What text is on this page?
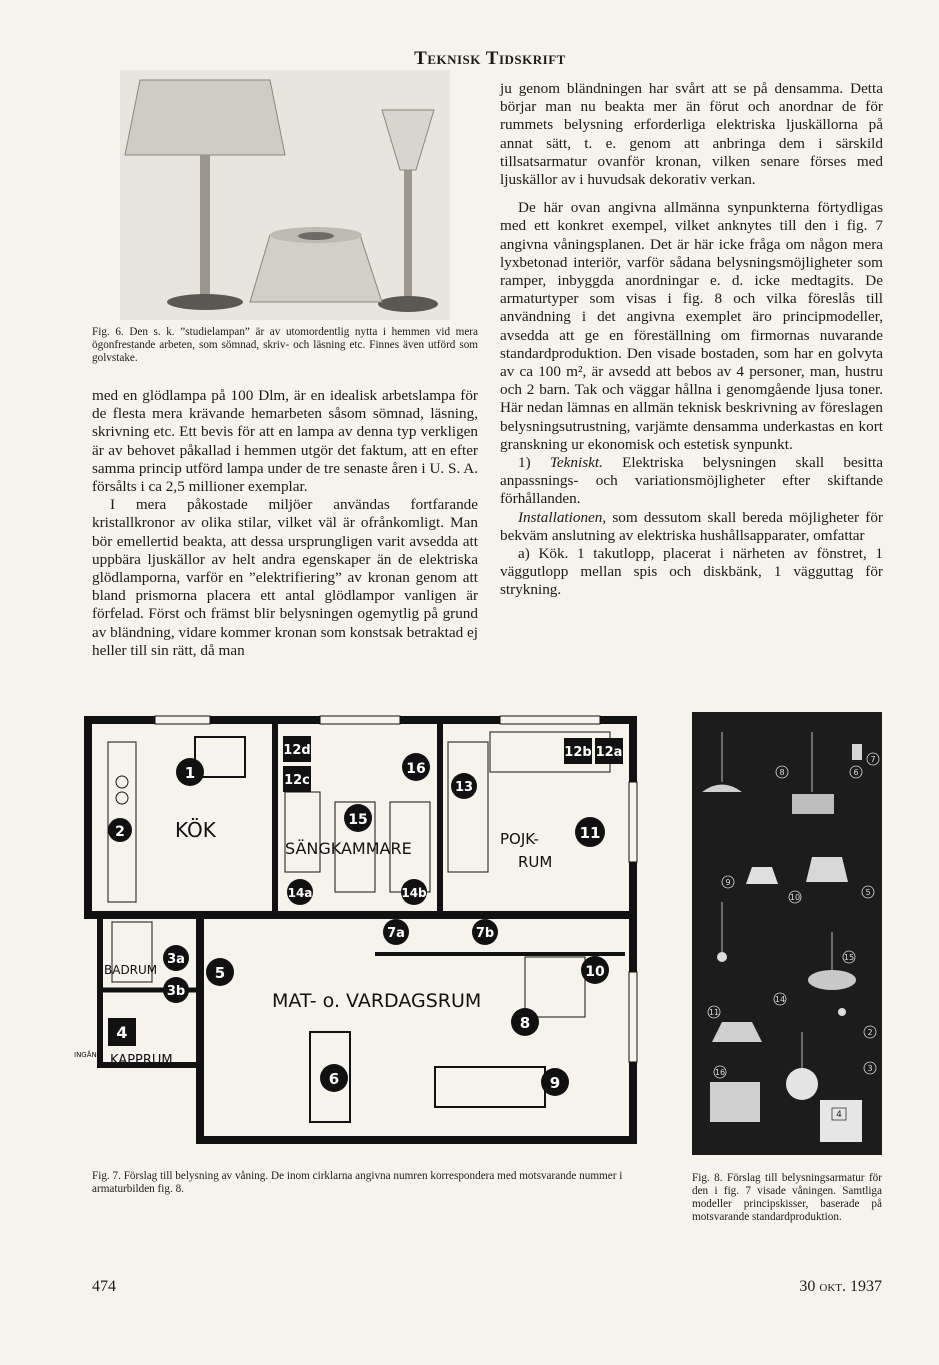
Teknisk Tidskrift
Fig. 6. Den s. k. ”studielampan” är av utomordentlig nytta i hemmen vid mera ögonfrestande arbeten, som sömnad, skriv- och läsning etc. Finnes även utförd som golvstake.

med en glödlampa på 100 Dlm, är en idealisk arbetslampa för de flesta mera krävande hemarbeten såsom sömnad, läsning, skrivning etc. Ett bevis för att en lampa av denna typ verkligen är av behovet påkallad i hemmen utgör det faktum, att en efter samma princip utförd lampa under de tre senaste åren i U. S. A. försålts i ca 2,5 millioner exemplar.

I mera påkostade miljöer användas fortfarande kristallkronor av olika stilar, vilket väl är ofrånkomligt. Man bör emellertid beakta, att dessa ursprungligen varit avsedda att uppbära ljuskällor av helt andra egenskaper än de elektriska glödlamporna, varför en ”elektrifiering” av kronan genom att bland prismorna placera ett antal glödlampor vanligen är förfelad. Först och främst blir belysningen ogemytlig på grund av bländning, vidare kommer kronan som konstsak betraktad ej heller till sin rätt, då man

ju genom bländningen har svårt att se på densamma. Detta börjar man nu beakta mer än förut och anordnar de för rummets belysning erforderliga elektriska ljuskällorna på annat sätt, t. e. genom att anbringa dem i särskild tillsatsarmatur ovanför kronan, vilken senare förses med ljuskällor av i huvudsak dekorativ verkan.

De här ovan angivna allmänna synpunkterna förtydligas med ett konkret exempel, vilket anknytes till den i fig. 7 angivna våningsplanen. Det är här icke fråga om någon mera lyxbetonad interiör, varför sådana belysningsmöjligheter som ramper, inbyggda anordningar e. d. icke medtagits. De armaturtyper som visas i fig. 8 och vilka föreslås till användning i det angivna exemplet äro principmodeller, avsedda att ge en föreställning om firmornas nuvarande standardproduktion. Den visade bostaden, som har en golvyta av ca 100 m², är avsedd att bebos av 4 personer, man, hustru och 2 barn. Tak och väggar hållna i genomgående ljusa toner. Här nedan lämnas en allmän teknisk beskrivning av föreslagen belysningsutrustning, varjämte densamma underkastas en kort granskning ur ekonomisk och estetisk synpunkt.

1) Tekniskt. Elektriska belysningen skall besitta anpassnings- och variationsmöjligheter efter skiftande förhållanden.

Installationen, som dessutom skall bereda möjligheter för bekväm anslutning av elektriska hushållsapparater, omfattar

a) Kök. 1 takutlopp, placerat i närheten av fönstret, 1 väggutlopp mellan spis och diskbänk, 1 vägguttag för strykning.

KÖK
SÄNGKAMMARE	POJK-
RUM
BADRUM
KAPPRUM
MAT- o. VARDAGSRUM
INGÅNG
1
2
3a
3b
4
5
6
7a	7b
8
9
10
11
12a
12b
12c
12d
13
14a	14b
15
16
Fig. 7. Förslag till belysning av våning. De inom cirklarna angivna numren korresponderа med motsvarande nummer i armaturbilden fig. 8.
8
7
6
10
9
5
15
14
11
2
16	3
4
Fig. 8. Förslag till belysningsarmatur för den i fig. 7 visade våningen. Samtliga modeller principskisser, baserade på motsvarande standardproduktion.
474	30 okt. 1937
